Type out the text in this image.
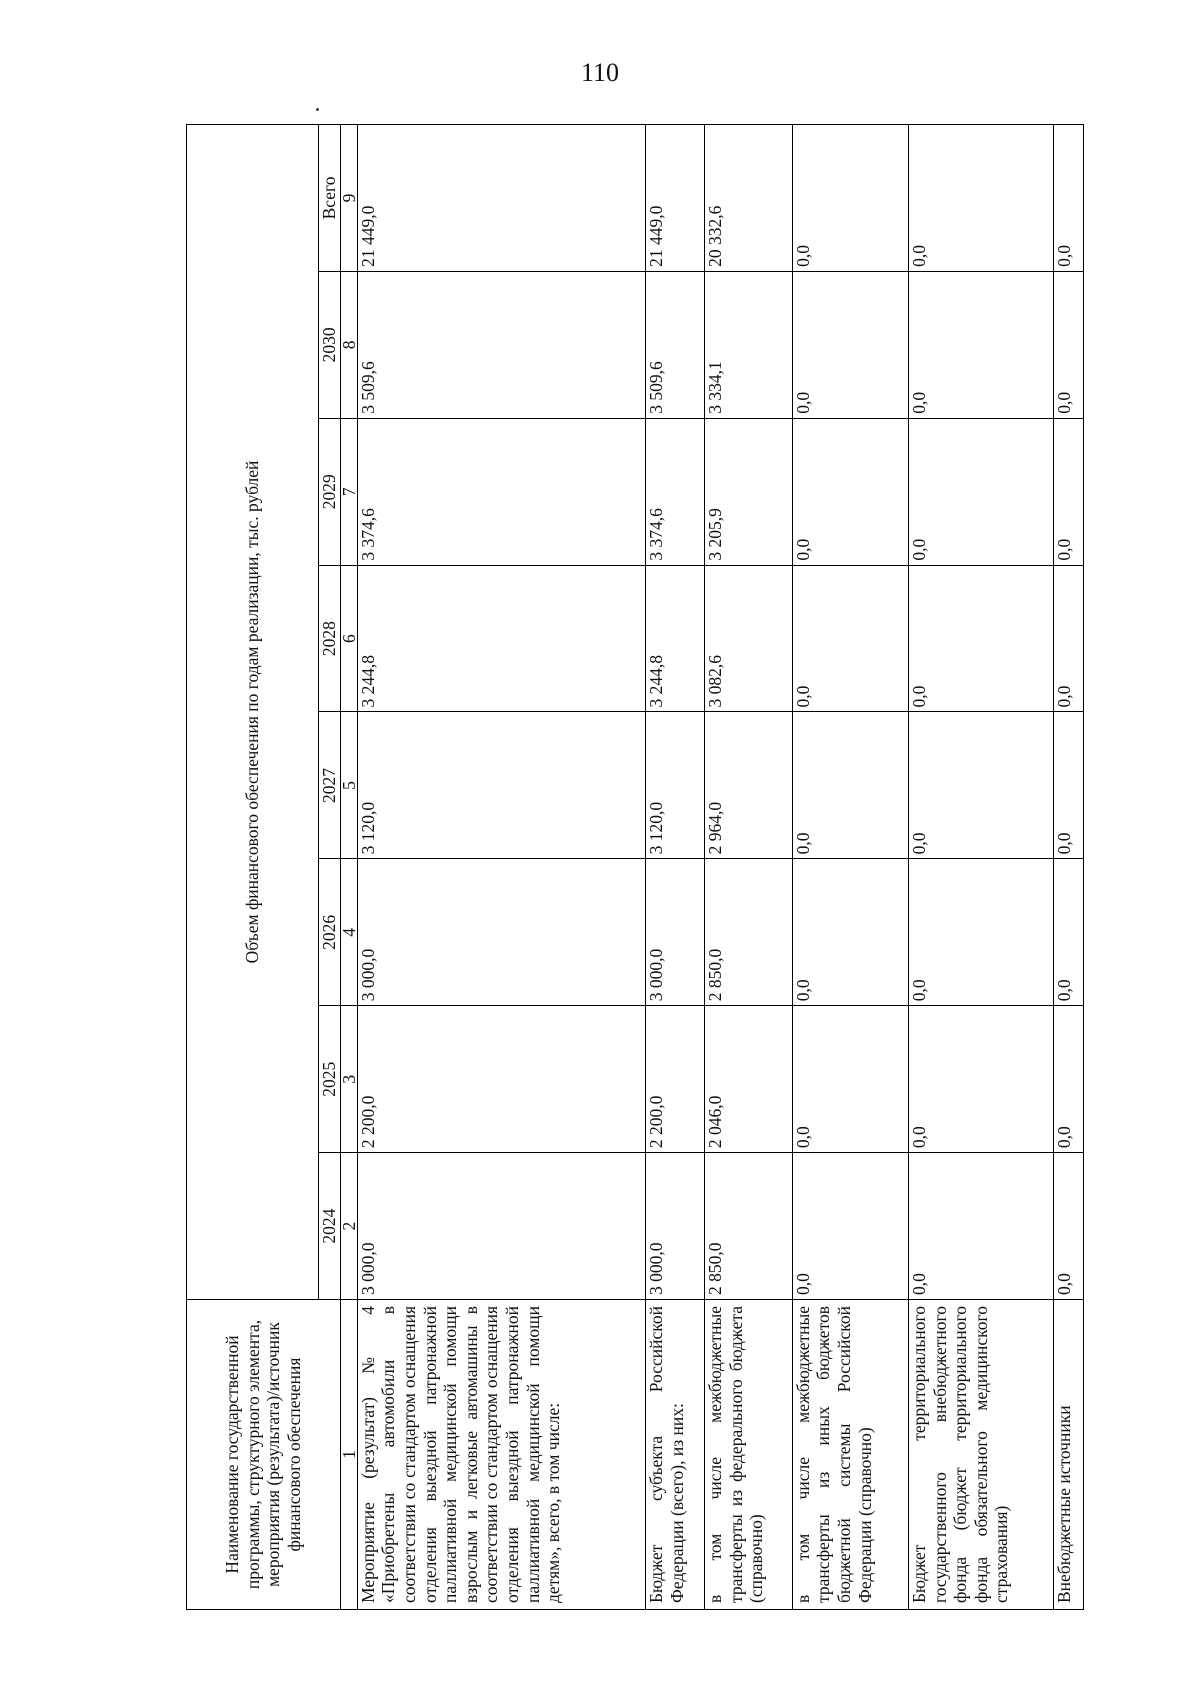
110
Наименование государственной программы, структурного элемента, мероприятия (результата)/источник финансового обеспечения	Объем финансового обеспечения по годам реализации, тыс. рублей							
	2024	2025	2026	2027	2028	2029	2030	Всего
1	2	3	4	5	6	7	8	9
Мероприятие (результат) № 4 «Приобретены автомобили в соответствии со стандартом оснащения отделения выездной патронажной паллиативной медицинской помощи взрослым и легковые автомашины в соответствии со стандартом оснащения отделения выездной патронажной паллиативной медицинской помощи детям», всего, в том числе:	3 000,0	2 200,0	3 000,0	3 120,0	3 244,8	3 374,6	3 509,6	21 449,0
Бюджет субъекта Российской Федерации (всего), из них:	3 000,0	2 200,0	3 000,0	3 120,0	3 244,8	3 374,6	3 509,6	21 449,0
в том числе межбюджетные трансферты из федерального бюджета (справочно)	2 850,0	2 046,0	2 850,0	2 964,0	3 082,6	3 205,9	3 334,1	20 332,6
в том числе межбюджетные трансферты из иных бюджетов бюджетной системы Российской Федерации (справочно)	0,0	0,0	0,0	0,0	0,0	0,0	0,0	0,0
Бюджет территориального государственного внебюджетного фонда (бюджет территориального фонда обязательного медицинского страхования)	0,0	0,0	0,0	0,0	0,0	0,0	0,0	0,0
Внебюджетные источники	0,0	0,0	0,0	0,0	0,0	0,0	0,0	0,0
